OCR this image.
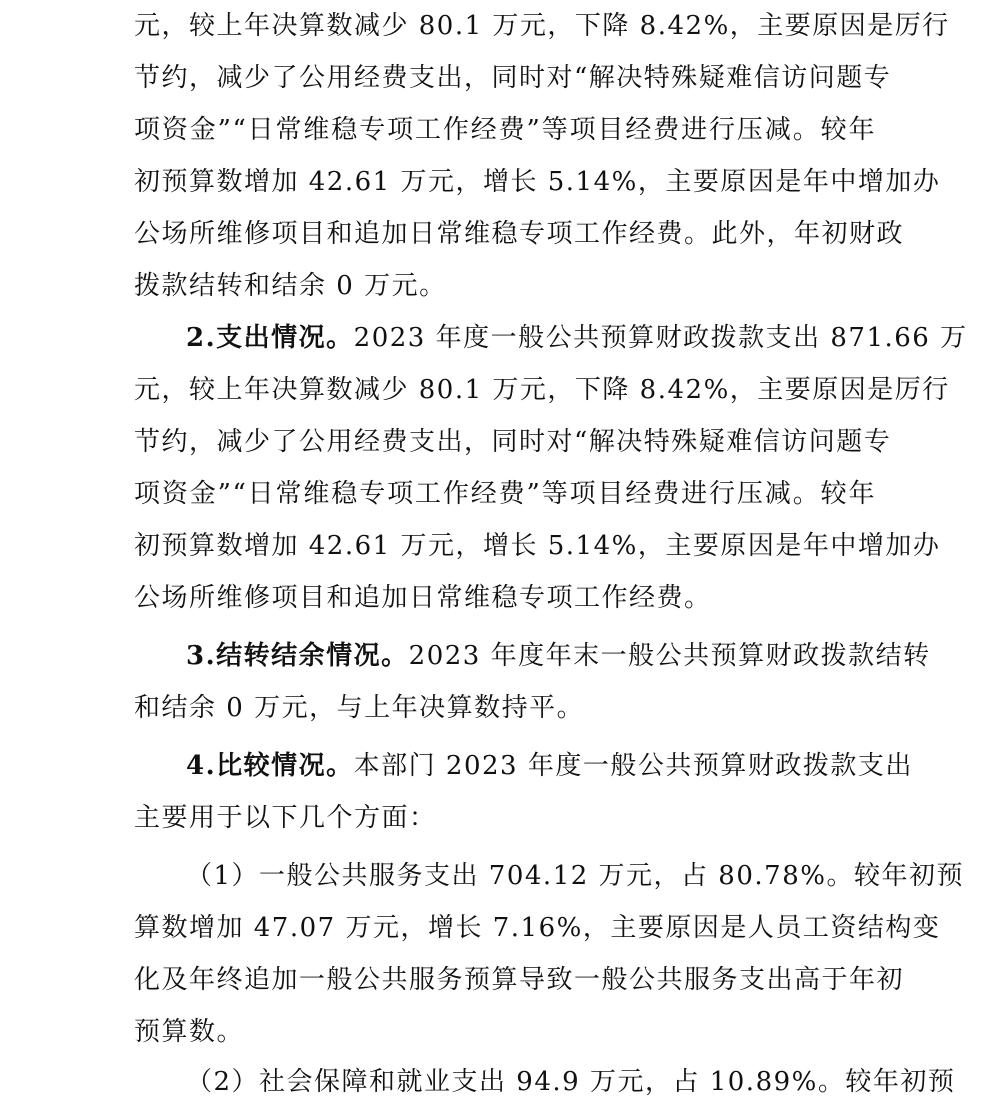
元，较上年决算数减少 80.1 万元，下降 8.42%，主要原因是厉行
节约，减少了公用经费支出，同时对“解决特殊疑难信访问题专
项资金”“日常维稳专项工作经费”等项目经费进行压减。较年
初预算数增加 42.61 万元，增长 5.14%，主要原因是年中增加办
公场所维修项目和追加日常维稳专项工作经费。此外，年初财政
拨款结转和结余 0 万元。
2.支出情况。2023 年度一般公共预算财政拨款支出 871.66 万
元，较上年决算数减少 80.1 万元，下降 8.42%，主要原因是厉行
节约，减少了公用经费支出，同时对“解决特殊疑难信访问题专
项资金”“日常维稳专项工作经费”等项目经费进行压减。较年
初预算数增加 42.61 万元，增长 5.14%，主要原因是年中增加办
公场所维修项目和追加日常维稳专项工作经费。
3.结转结余情况。2023 年度年末一般公共预算财政拨款结转
和结余 0 万元，与上年决算数持平。
4.比较情况。本部门 2023 年度一般公共预算财政拨款支出
主要用于以下几个方面：
（1）一般公共服务支出 704.12 万元，占 80.78%。较年初预
算数增加 47.07 万元，增长 7.16%，主要原因是人员工资结构变
化及年终追加一般公共服务预算导致一般公共服务支出高于年初
预算数。
（2）社会保障和就业支出 94.9 万元，占 10.89%。较年初预
